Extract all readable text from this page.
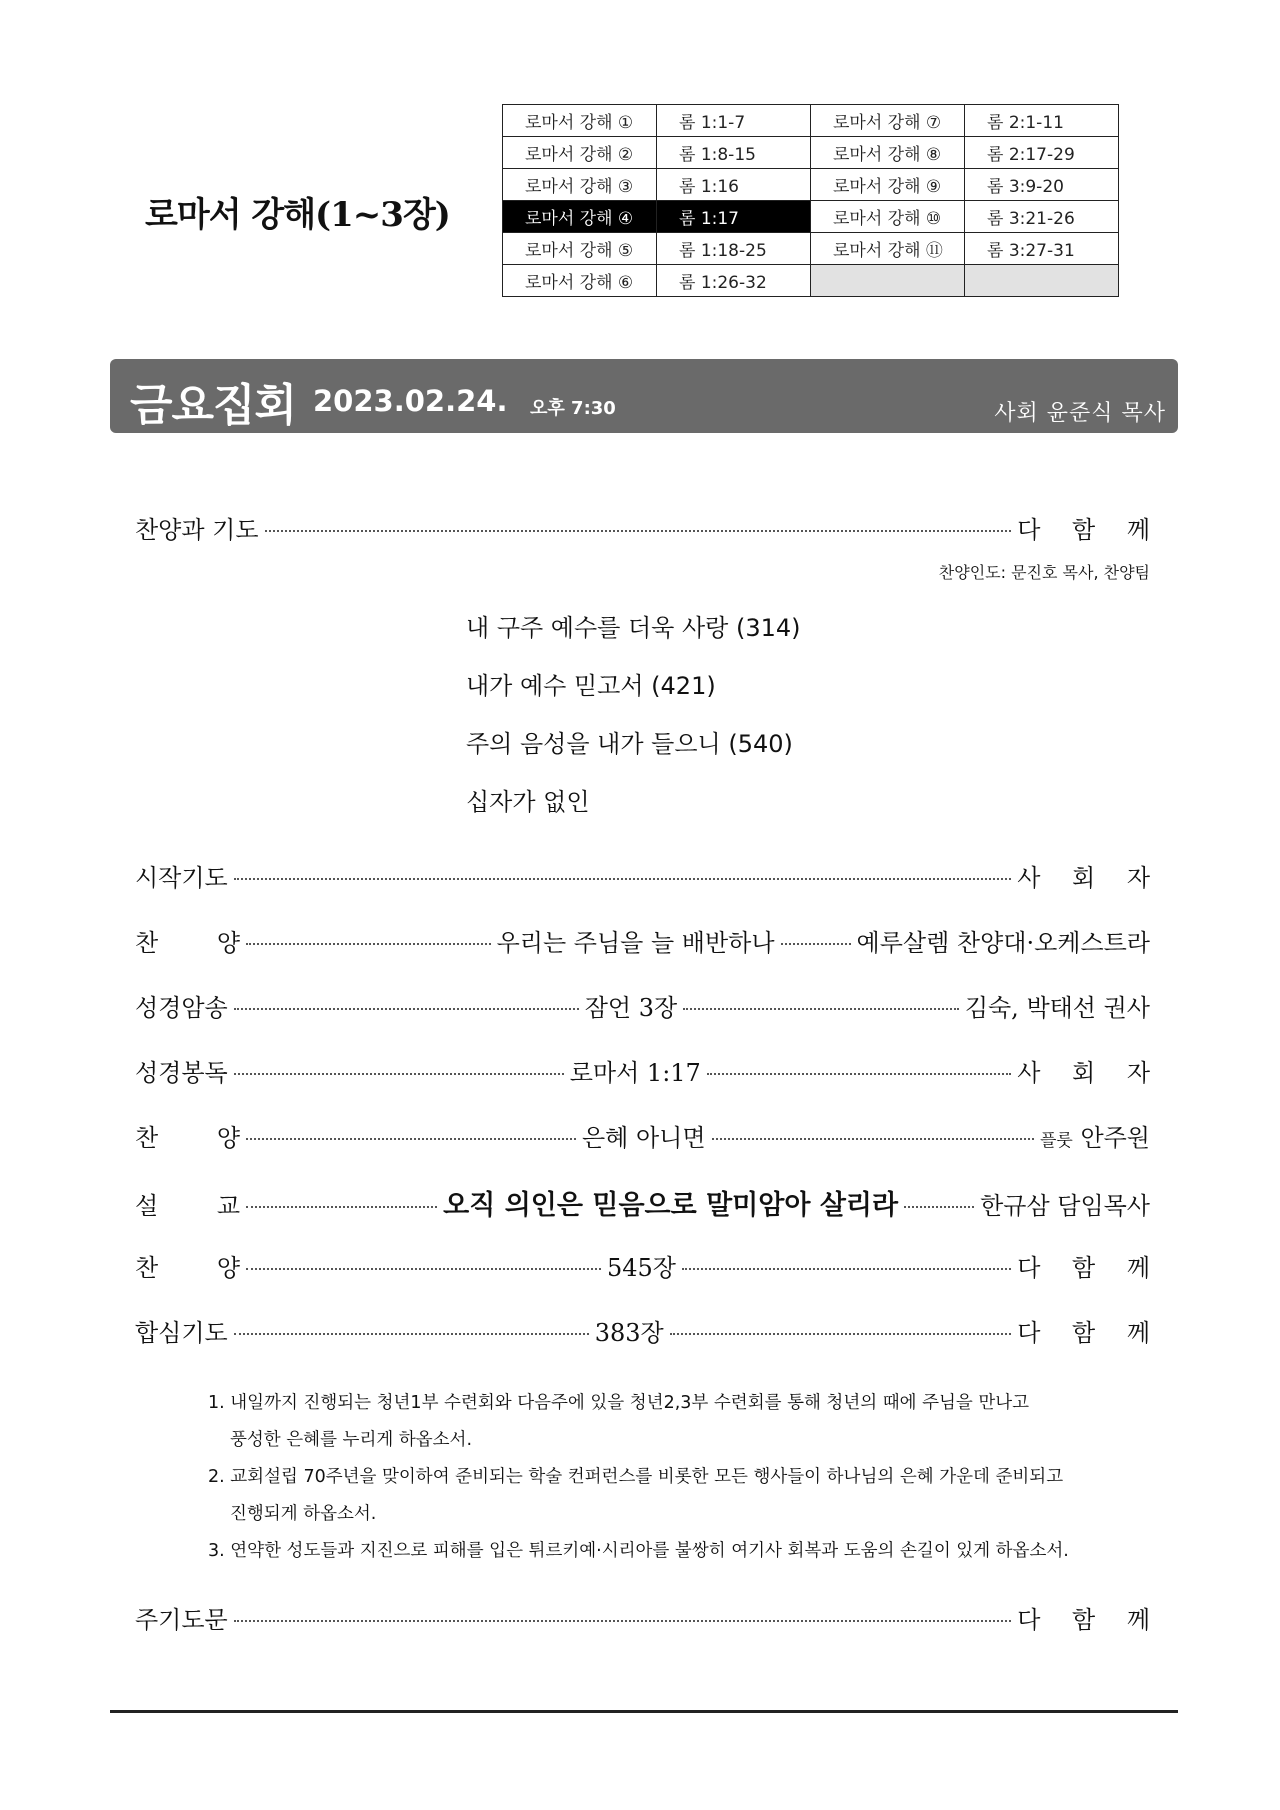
로마서 강해(1~3장)
로마서 강해 ①	롬 1:1-7	로마서 강해 ⑦	롬 2:1-11
로마서 강해 ②	롬 1:8-15	로마서 강해 ⑧	롬 2:17-29
로마서 강해 ③	롬 1:16	로마서 강해 ⑨	롬 3:9-20
로마서 강해 ④	롬 1:17	로마서 강해 ⑩	롬 3:21-26
로마서 강해 ⑤	롬 1:18-25	로마서 강해 ⑪	롬 3:27-31
로마서 강해 ⑥	롬 1:26-32		
금요집회 2023.02.24. 오후 7:30	사회 윤준식 목사
찬양과 기도	다 함 께
찬양인도: 문진호 목사, 찬양팀
내 구주 예수를 더욱 사랑 (314)
내가 예수 믿고서 (421)
주의 음성을 내가 들으니 (540)
십자가 없인
시작기도	사 회 자
찬 양	우리는 주님을 늘 배반하나	예루살렘 찬양대·오케스트라
성경암송	잠언 3장	김숙, 박태선 권사
성경봉독	로마서 1:17	사 회 자
찬 양	은혜 아니면	플룻 안주원
설 교	오직 의인은 믿음으로 말미암아 살리라	한규삼 담임목사
찬 양	545장	다 함 께
합심기도	383장	다 함 께
1. 내일까지 진행되는 청년1부 수련회와 다음주에 있을 청년2,3부 수련회를 통해 청년의 때에 주님을 만나고
풍성한 은혜를 누리게 하옵소서.
2. 교회설립 70주년을 맞이하여 준비되는 학술 컨퍼런스를 비롯한 모든 행사들이 하나님의 은혜 가운데 준비되고
진행되게 하옵소서.
3. 연약한 성도들과 지진으로 피해를 입은 튀르키예·시리아를 불쌍히 여기사 회복과 도움의 손길이 있게 하옵소서.
주기도문	다 함 께
